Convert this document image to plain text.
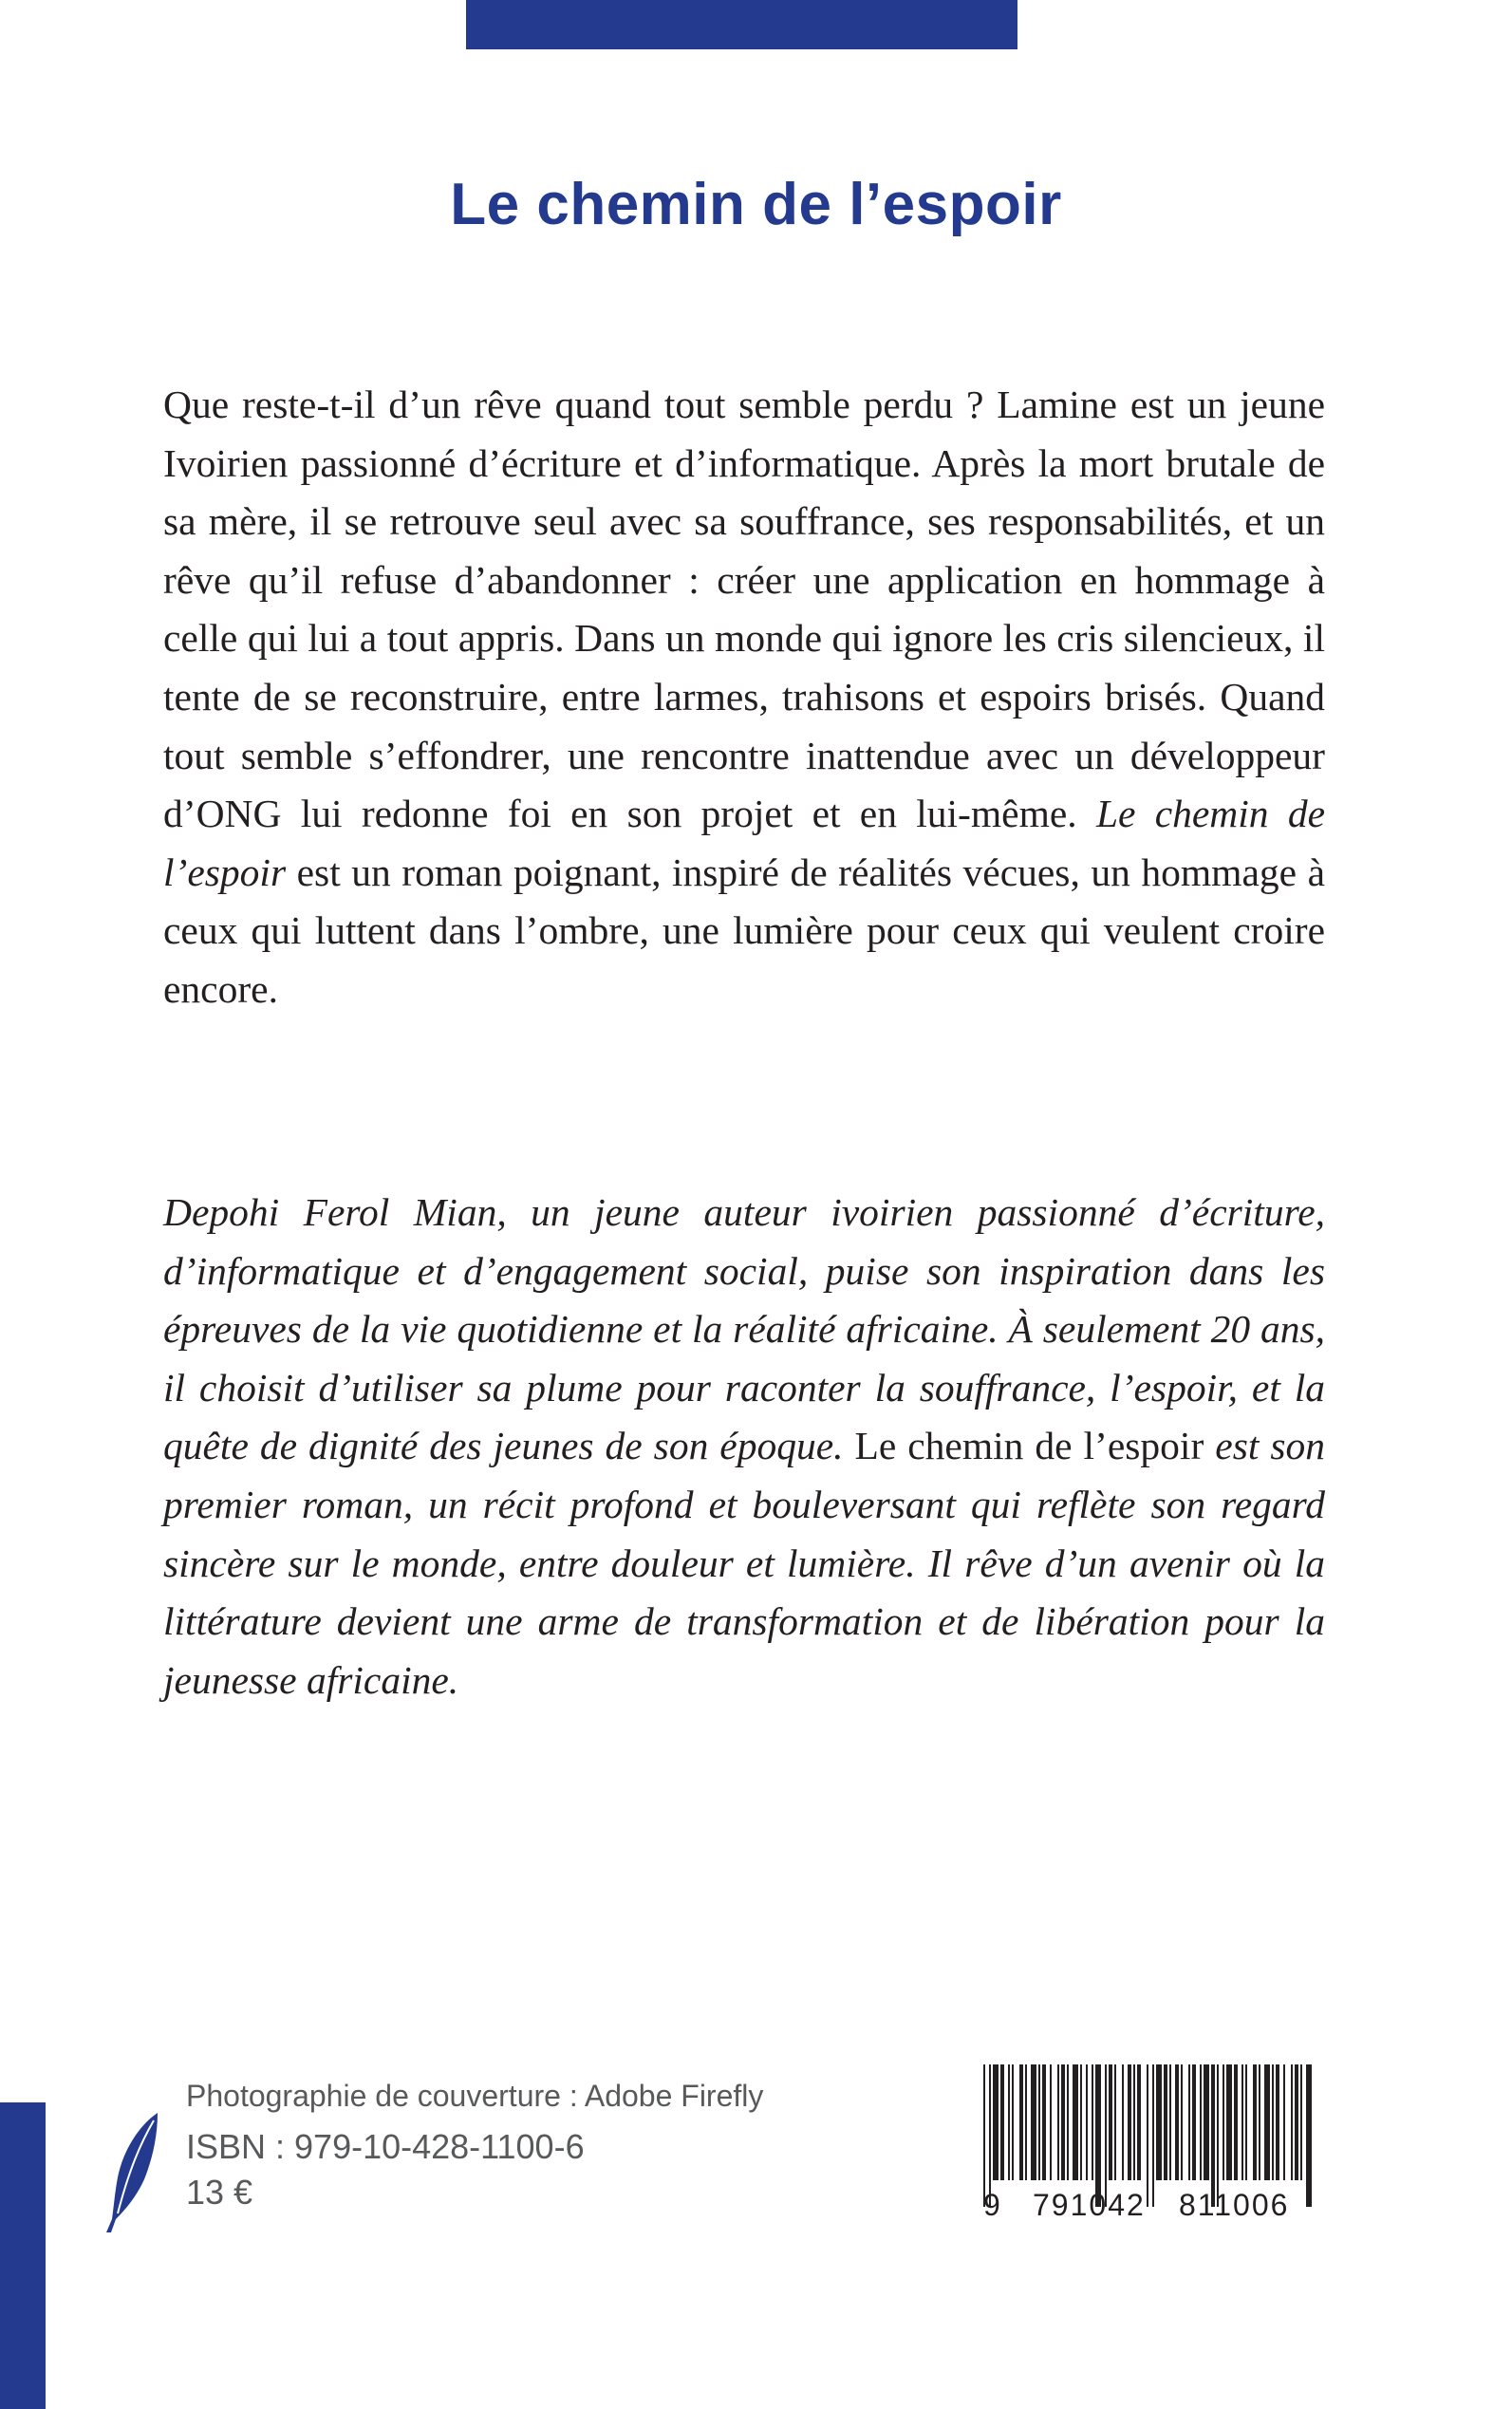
Le chemin de l’espoir

Que reste-t-il d’un rêve quand tout semble perdu ? Lamine est un jeune Ivoirien passionné d’écriture et d’informatique. Après la mort brutale de sa mère, il se retrouve seul avec sa souffrance, ses responsabilités, et un rêve qu’il refuse d’abandonner : créer une application en hommage à celle qui lui a tout appris. Dans un monde qui ignore les cris silencieux, il tente de se reconstruire, entre larmes, trahisons et espoirs brisés. Quand tout semble s’effondrer, une rencontre inattendue avec un développeur d’ONG lui redonne foi en son projet et en lui-même. Le chemin de l’espoir est un roman poignant, inspiré de réalités vécues, un hommage à ceux qui luttent dans l’ombre, une lumière pour ceux qui veulent croire encore.

Depohi Ferol Mian, un jeune auteur ivoirien passionné d’écriture, d’informatique et d’engagement social, puise son inspiration dans les épreuves de la vie quotidienne et la réalité africaine. À seulement 20 ans, il choisit d’utiliser sa plume pour raconter la souffrance, l’espoir, et la quête de dignité des jeunes de son époque. Le chemin de l’espoir est son premier roman, un récit profond et bouleversant qui reflète son regard sincère sur le monde, entre douleur et lumière. Il rêve d’un avenir où la littérature devient une arme de transformation et de libération pour la jeunesse africaine.

Photographie de couverture : Adobe Firefly
ISBN : 979-10-428-1100-6
13 €	9 791042 811006
